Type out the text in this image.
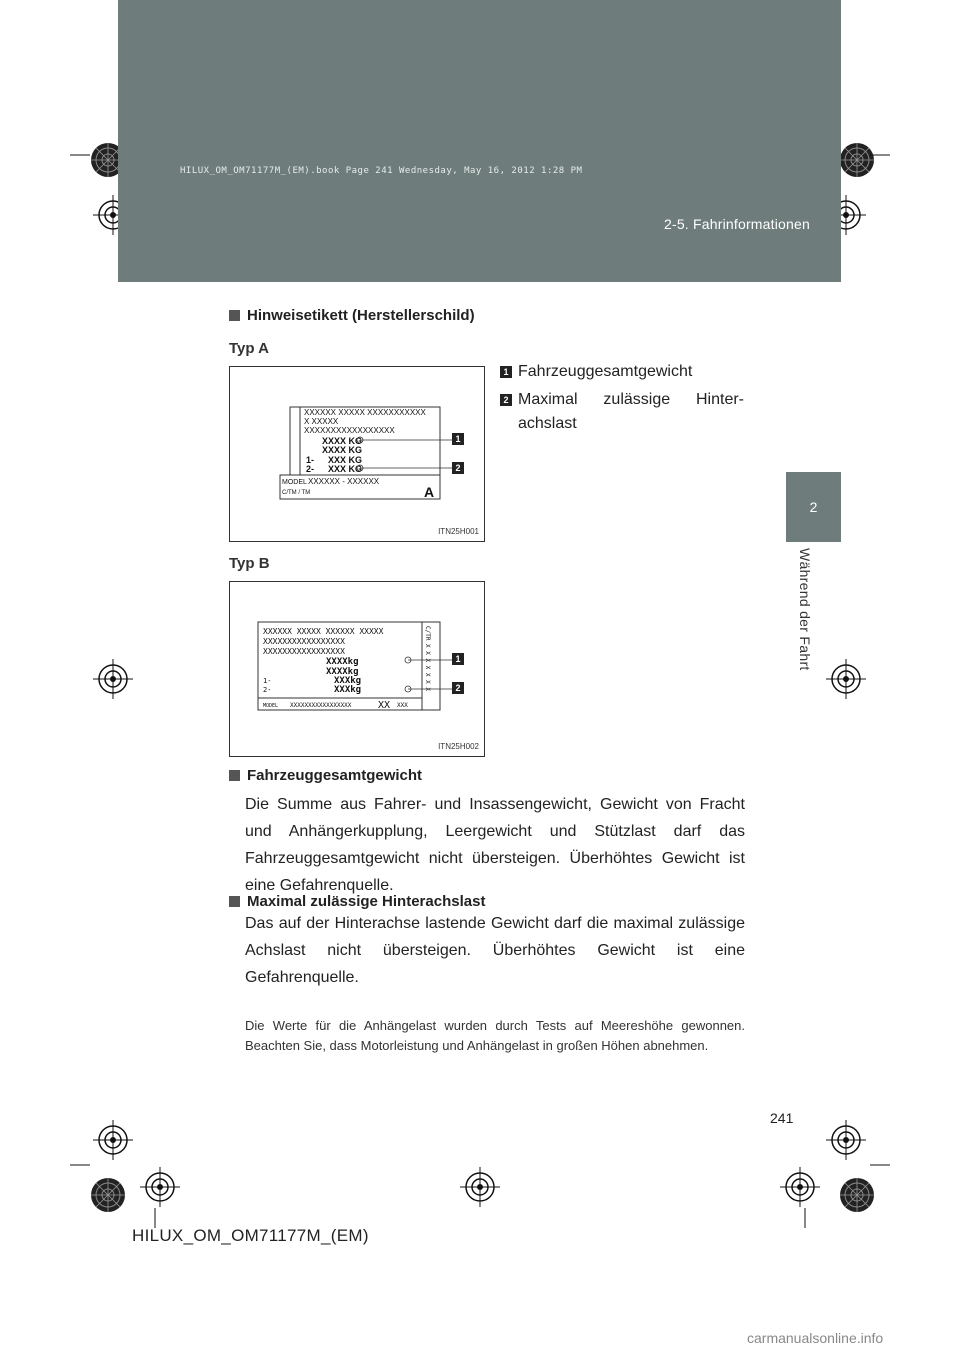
HILUX_OM_OM71177M_(EM).book Page 241 Wednesday, May 16, 2012 1:28 PM
2-5. Fahrinformationen
2
Während der Fahrt
Hinweisetikett (Herstellerschild)
Typ A
XXXXXX XXXXX XXXXXXXXXXX
X XXXXX
XXXXXXXXXXXXXXXXX
XXXX KG
XXXX KG
1- XXX KG
2- XXX KG
MODEL XXXXXX - XXXXXX
C/TM / TM	A
1
2
ITN25H001
1 Fahrzeuggesamtgewicht
2 Maximal zulässige Hinter-achslast
Typ B
XXXXXX XXXXX XXXXXX XXXXX
XXXXXXXXXXXXXXXXX
XXXXXXXXXXXXXXXXX
XXXXkg
XXXXkg
1-	XXXkg
2-	XXXkg
MODEL XXXXXXXXXXXXXXXXX	XX XXX
C/TR X X X X X X X	1
2
ITN25H002
Fahrzeuggesamtgewicht
Die Summe aus Fahrer- und Insassengewicht, Gewicht von Fracht und Anhängerkupplung, Leergewicht und Stützlast darf das Fahrzeuggesamtgewicht nicht übersteigen. Überhöhtes Gewicht ist eine Gefahrenquelle.
Maximal zulässige Hinterachslast
Das auf der Hinterachse lastende Gewicht darf die maximal zulässige Achslast nicht übersteigen. Überhöhtes Gewicht ist eine Gefahrenquelle.
Die Werte für die Anhängelast wurden durch Tests auf Meereshöhe gewonnen. Beachten Sie, dass Motorleistung und Anhängelast in großen Höhen abnehmen.
241
HILUX_OM_OM71177M_(EM)
carmanualsonline.info
